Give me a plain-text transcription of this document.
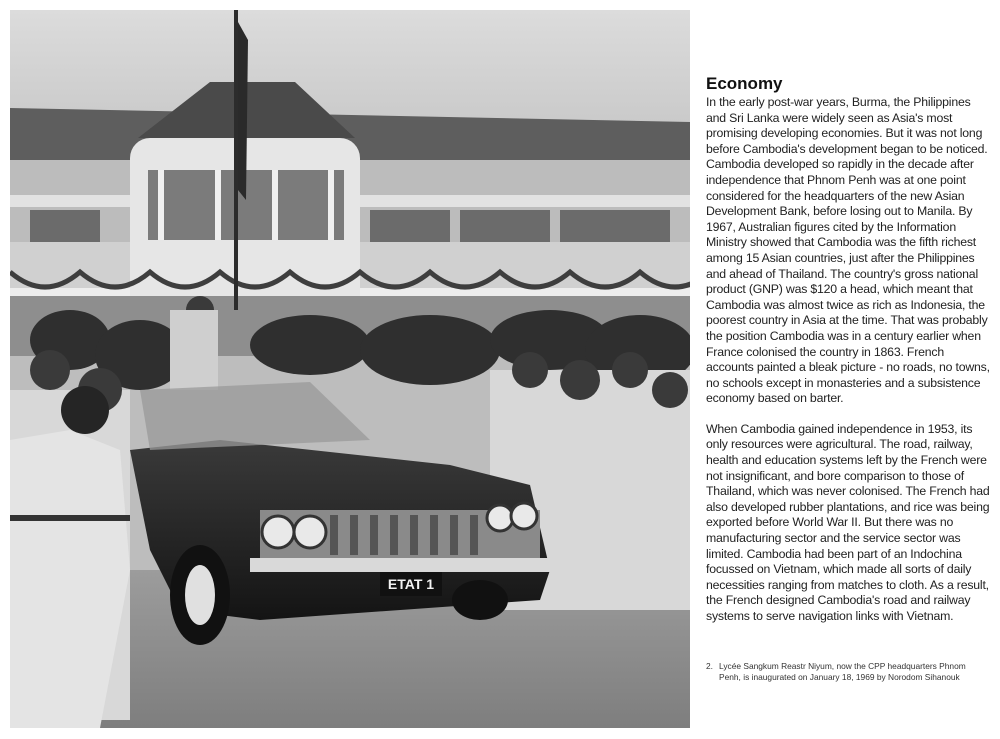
ETAT 1
Economy

In the early post-war years, Burma, the Philippines and Sri Lanka were widely seen as Asia's most promising developing economies. But it was not long before Cambodia's development began to be noticed. Cambodia developed so rapidly in the decade after independence that Phnom Penh was at one point considered for the headquarters of the new Asian Development Bank, before losing out to Manila. By 1967, Australian figures cited by the Information Ministry showed that Cambodia was the fifth richest among 15 Asian countries, just after the Philippines and ahead of Thailand. The country's gross national product (GNP) was $120 a head, which meant that Cambodia was almost twice as rich as Indonesia, the poorest country in Asia at the time. That was probably the position Cambodia was in a century earlier when France colonised the country in 1863. French accounts painted a bleak picture - no roads, no towns, no schools except in monasteries and a subsistence economy based on barter.

When Cambodia gained independence in 1953, its only resources were agricultural. The road, railway, health and education systems left by the French were not insignificant, and bore comparison to those of Thailand, which was never colonised. The French had also developed rubber plantations, and rice was being exported before World War II. But there was no manufacturing sector and the service sector was limited. Cambodia had been part of an Indochina focussed on Vietnam, which made all sorts of daily necessities ranging from matches to cloth. As a result, the French designed Cambodia's road and railway systems to serve navigation links with Vietnam.

2. Lycée Sangkum Reastr Niyum, now the CPP headquarters Phnom Penh, is inaugurated on January 18, 1969 by Norodom Sihanouk
